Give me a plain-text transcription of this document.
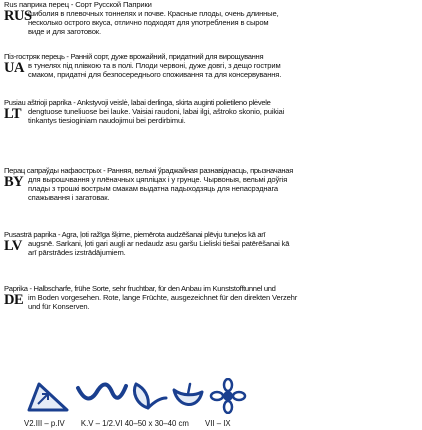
Rus паприка перец - Сорт Русской Паприки
RUS
шиболия в плевочных тоннелях и почве. Красные плоды, очень длинные,
несколько острого вкуса, отлично подходят для употребления в сыром
виде и для заготовок.
Піз-гостряк перець - Ранній сорт, дуже врожайний, придатний для вирощування
UA в тунелях під плівкою та в полі. Плоди червоні, дуже довгі, з дещо гострим
смаком, придатні для безпосереднього споживання та для консервування.
Pusiau aštrioji paprika - Ankstyvoji veislė, labai derlinga, skirta auginti polietileno plėvele
LT dengtuose tuneliuose bei lauke. Vaisiai raudoni, labai ilgi, aštroko skonio, puikiai
tinkantys tiesioginiam naudojimui bei perdirbimui.
Перац сапраўды нафаострых - Ранняя, вельмі ўраджайная разнавіднасць, прызначаная
BY для вырошчвання у плёначных цяплiцах i у грунце. Чырвоныя, вельмi доўгiя
плады з трошкі вострым смакам выдатна падыходзяць для непасрэднага
спажывання i загатовак.
Pusasträ paprika - Agra, ļoti ražīga šķirne, piemērota audzēšanai plēvju tuneļos kā arī
LV augsnē. Sarkani, ļoti gari augļi ar nedaudz asu garšu Lieliski tiešai patērēšanai kā
arī pārstrādes izstrādājumiem.
Paprika - Halbscharfe, frühe Sorte, sehr fruchtbar, für den Anbau im Kunststofftunnel und
DE im Boden vorgesehen. Rote, lange Früchte, ausgezeichnet für den direkten Verzehr
und für Konserven.
V2.III – p.IV K.V – 1/2.VI 40–50 x 30–40 cm VII – IX
